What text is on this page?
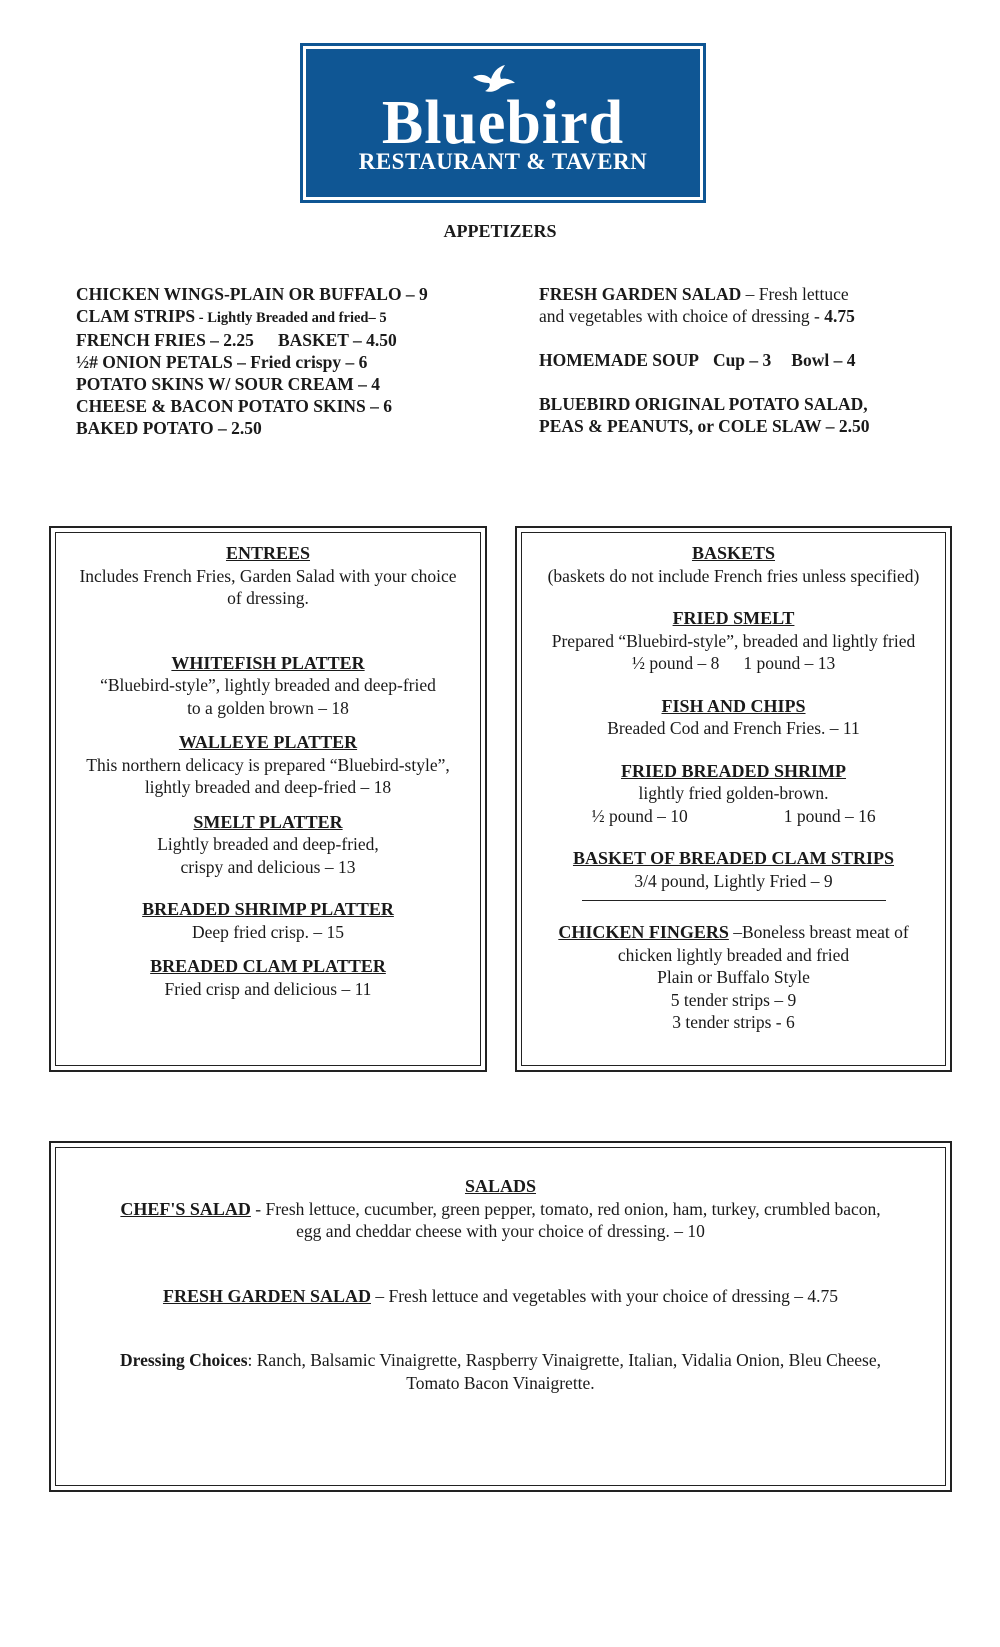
Bluebird
RESTAURANT & TAVERN
APPETIZERS
CHICKEN WINGS-PLAIN OR BUFFALO – 9
CLAM STRIPS - Lightly Breaded and fried– 5
FRENCH FRIES – 2.25 BASKET – 4.50
½# ONION PETALS – Fried crispy – 6
POTATO SKINS W/ SOUR CREAM – 4
CHEESE & BACON POTATO SKINS – 6
BAKED POTATO – 2.50
FRESH GARDEN SALAD – Fresh lettuce
and vegetables with choice of dressing - 4.75
HOMEMADE SOUP Cup – 3 Bowl – 4
BLUEBIRD ORIGINAL POTATO SALAD,
PEAS & PEANUTS, or COLE SLAW – 2.50
ENTREES
Includes French Fries, Garden Salad with your choice
of dressing.
WHITEFISH PLATTER
“Bluebird-style”, lightly breaded and deep-fried
to a golden brown – 18
WALLEYE PLATTER
This northern delicacy is prepared “Bluebird-style”,
lightly breaded and deep-fried – 18
SMELT PLATTER
Lightly breaded and deep-fried,
crispy and delicious – 13
BREADED SHRIMP PLATTER
Deep fried crisp. – 15
BREADED CLAM PLATTER
Fried crisp and delicious – 11
BASKETS
(baskets do not include French fries unless specified)
FRIED SMELT
Prepared “Bluebird-style”, breaded and lightly fried
½ pound – 8 1 pound – 13
FISH AND CHIPS
Breaded Cod and French Fries. – 11
FRIED BREADED SHRIMP
lightly fried golden-brown.
½ pound – 10	1 pound – 16
BASKET OF BREADED CLAM STRIPS
3/4 pound, Lightly Fried – 9
CHICKEN FINGERS –Boneless breast meat of
chicken lightly breaded and fried
Plain or Buffalo Style
5 tender strips – 9
3 tender strips - 6
SALADS
CHEF'S SALAD - Fresh lettuce, cucumber, green pepper, tomato, red onion, ham, turkey, crumbled bacon,
egg and cheddar cheese with your choice of dressing. – 10
FRESH GARDEN SALAD – Fresh lettuce and vegetables with your choice of dressing – 4.75
Dressing Choices: Ranch, Balsamic Vinaigrette, Raspberry Vinaigrette, Italian, Vidalia Onion, Bleu Cheese,
Tomato Bacon Vinaigrette.
